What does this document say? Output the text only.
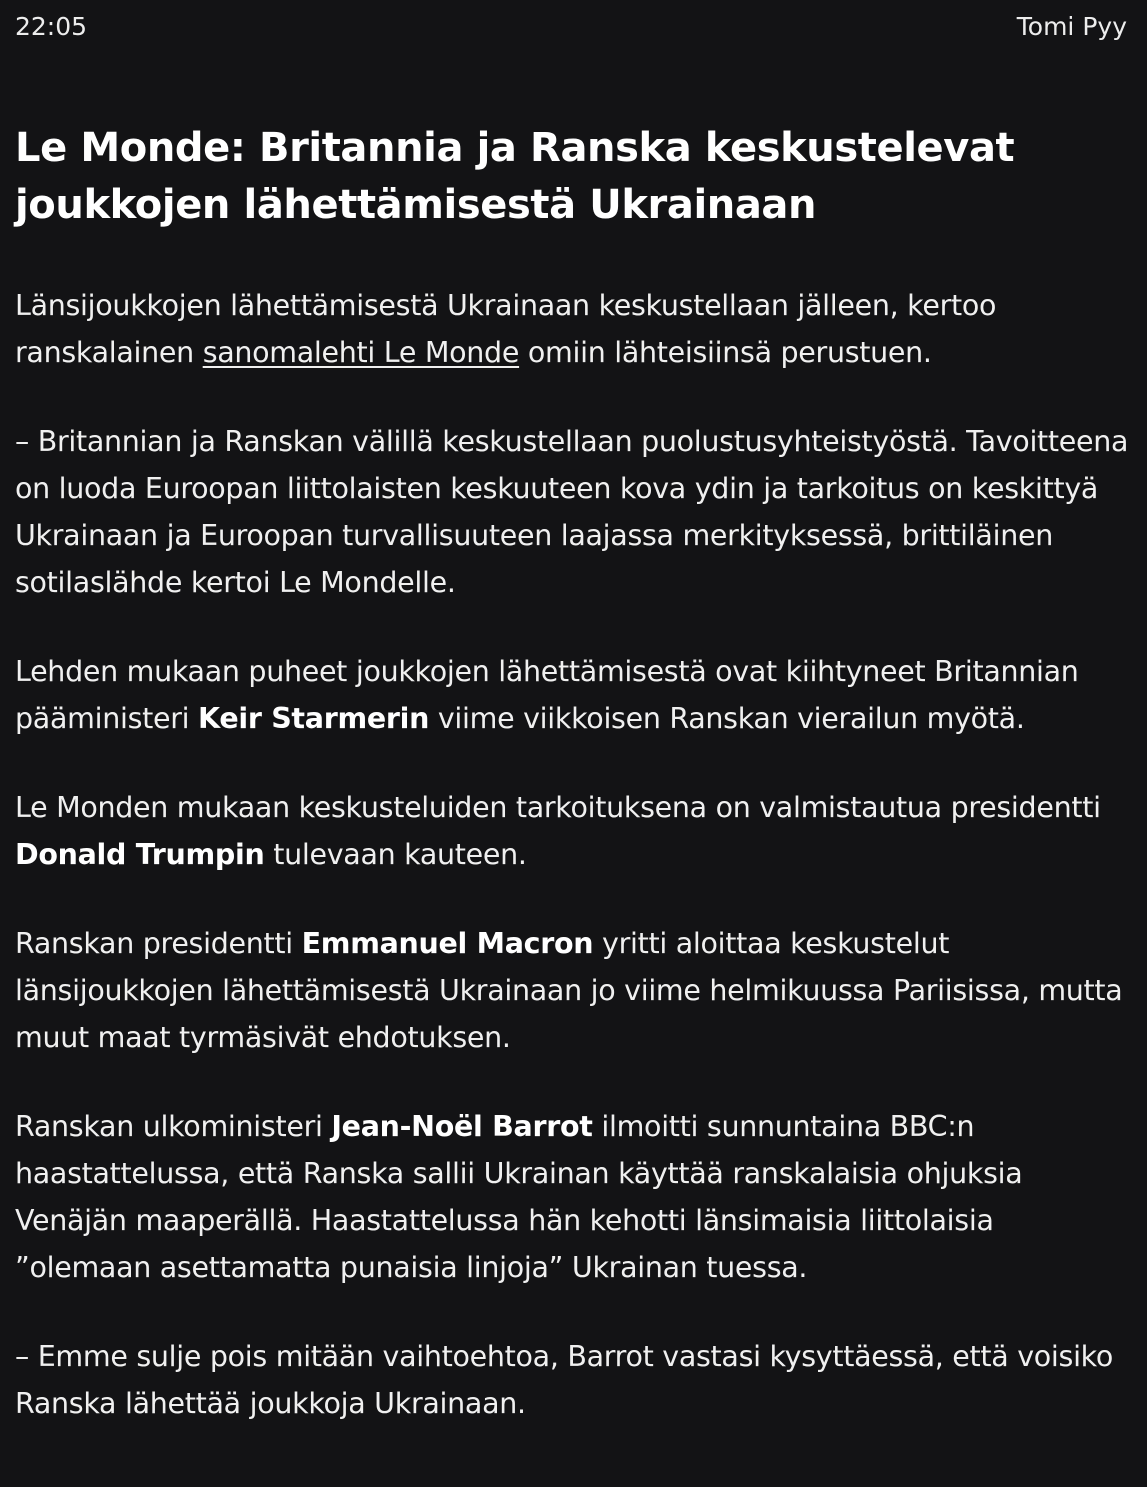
22:05	Tomi Pyy
Le Monde: Britannia ja Ranska keskustelevat joukkojen lähettämisestä Ukrainaan

Länsijoukkojen lähettämisestä Ukrainaan keskustellaan jälleen, kertoo ranskalainen sanomalehti Le Monde omiin lähteisiinsä perustuen.

– Britannian ja Ranskan välillä keskustellaan puolustusyhteistyöstä. Tavoitteena on luoda Euroopan liittolaisten keskuuteen kova ydin ja tarkoitus on keskittyä Ukrainaan ja Euroopan turvallisuuteen laajassa merkityksessä, brittiläinen sotilaslähde kertoi Le Mondelle.

Lehden mukaan puheet joukkojen lähettämisestä ovat kiihtyneet Britannian pääministeri Keir Starmerin viime viikkoisen Ranskan vierailun myötä.

Le Monden mukaan keskusteluiden tarkoituksena on valmistautua presidentti Donald Trumpin tulevaan kauteen.

Ranskan presidentti Emmanuel Macron yritti aloittaa keskustelut länsijoukkojen lähettämisestä Ukrainaan jo viime helmikuussa Pariisissa, mutta muut maat tyrmäsivät ehdotuksen.

Ranskan ulkoministeri Jean-Noël Barrot ilmoitti sunnuntaina BBC:n haastattelussa, että Ranska sallii Ukrainan käyttää ranskalaisia ohjuksia Venäjän maaperällä. Haastattelussa hän kehotti länsimaisia liittolaisia ”olemaan asettamatta punaisia linjoja” Ukrainan tuessa.

– Emme sulje pois mitään vaihtoehtoa, Barrot vastasi kysyttäessä, että voisiko Ranska lähettää joukkoja Ukrainaan.
